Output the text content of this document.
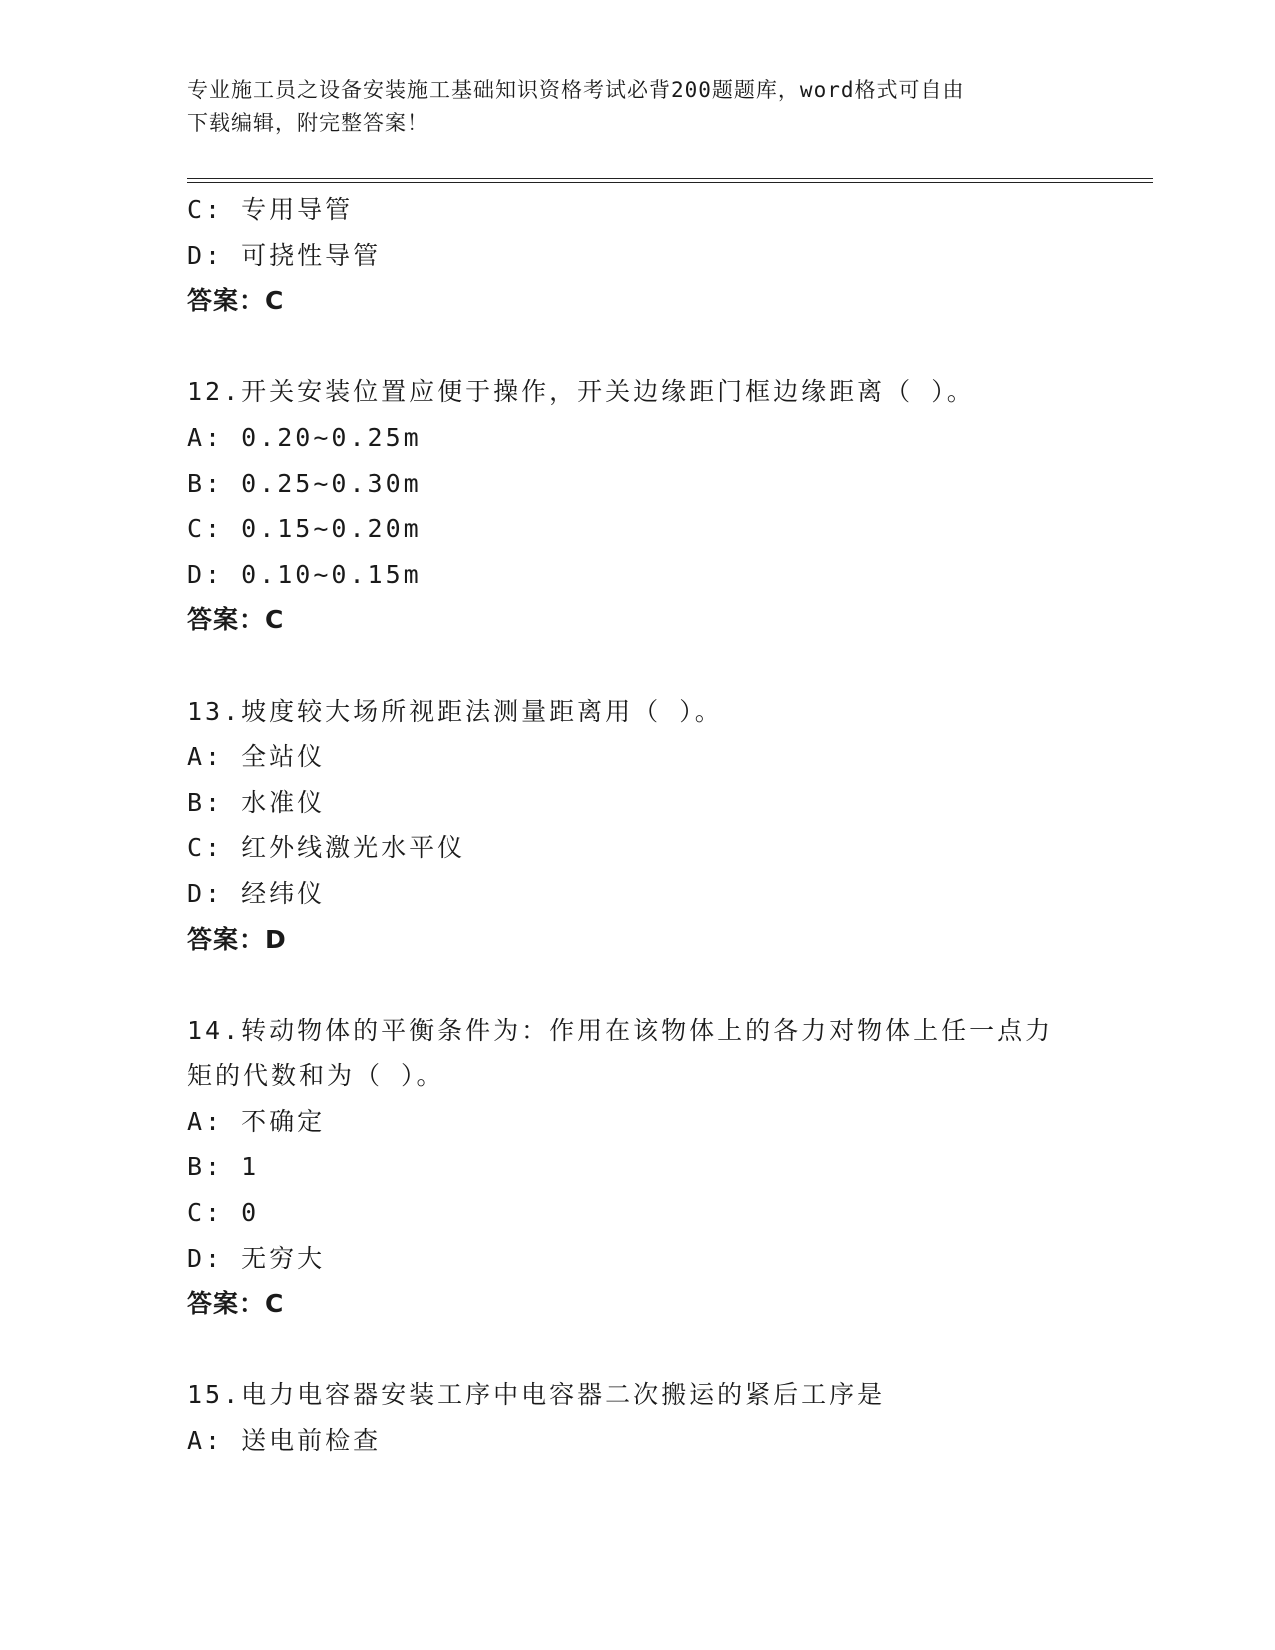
专业施工员之设备安装施工基础知识资格考试必背200题题库，word格式可自由
下载编辑，附完整答案！
C: 专用导管
D: 可挠性导管
答案：C
12.开关安装位置应便于操作，开关边缘距门框边缘距离（ ）。
A: 0.20~0.25m
B: 0.25~0.30m
C: 0.15~0.20m
D: 0.10~0.15m
答案：C
13.坡度较大场所视距法测量距离用（ ）。
A: 全站仪
B: 水准仪
C: 红外线激光水平仪
D: 经纬仪
答案：D
14.转动物体的平衡条件为：作用在该物体上的各力对物体上任一点力
矩的代数和为（ ）。
A: 不确定
B: 1
C: 0
D: 无穷大
答案：C
15.电力电容器安装工序中电容器二次搬运的紧后工序是
A: 送电前检查
